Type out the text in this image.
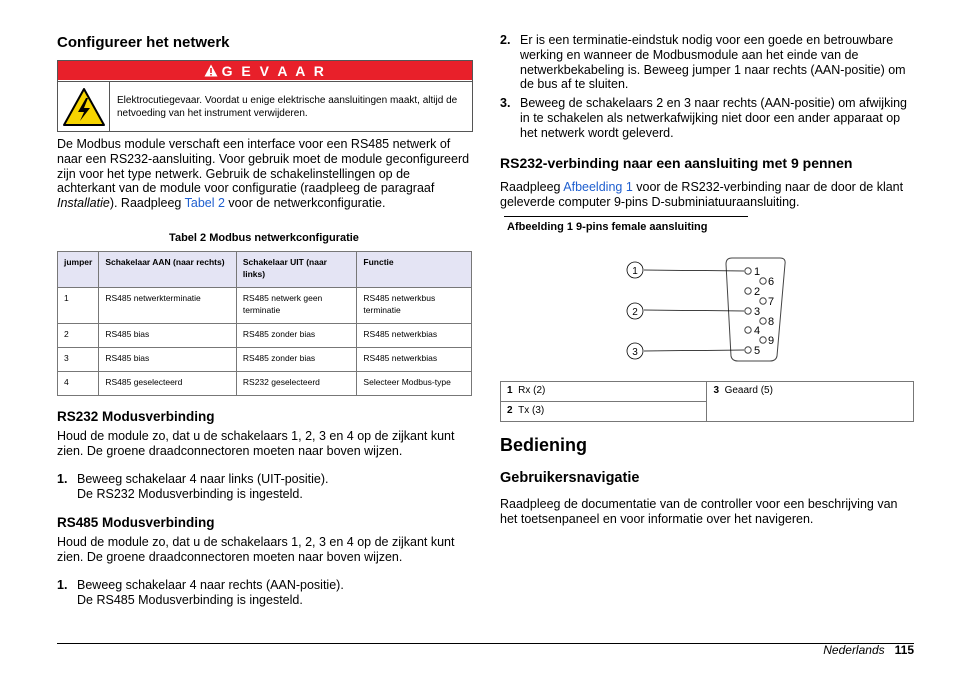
Configureer het netwerk
G E V A A R
Elektrocutiegevaar. Voordat u enige elektrische aansluitingen maakt, altijd de netvoeding van het instrument verwijderen.

De Modbus module verschaft een interface voor een RS485 netwerk of naar een RS232-aansluiting. Voor gebruik moet de module geconfigureerd zijn voor het type netwerk. Gebruik de schakelinstellingen op de achterkant van de module voor configuratie (raadpleeg de paragraaf Installatie). Raadpleeg Tabel 2 voor de netwerkconfiguratie.

Tabel 2 Modbus netwerkconfiguratie
jumper	Schakelaar AAN (naar rechts)	Schakelaar UIT (naar links)	Functie
1	RS485 netwerkterminatie	RS485 netwerk geen terminatie	RS485 netwerkbus terminatie
2	RS485 bias	RS485 zonder bias	RS485 netwerkbias
3	RS485 bias	RS485 zonder bias	RS485 netwerkbias
4	RS485 geselecteerd	RS232 geselecteerd	Selecteer Modbus-type
RS232 Modusverbinding

Houd de module zo, dat u de schakelaars 1, 2, 3 en 4 op de zijkant kunt zien. De groene draadconnectoren moeten naar boven wijzen.

1. Beweeg schakelaar 4 naar links (UIT-positie).
De RS232 Modusverbinding is ingesteld.
RS485 Modusverbinding

Houd de module zo, dat u de schakelaars 1, 2, 3 en 4 op de zijkant kunt zien. De groene draadconnectoren moeten naar boven wijzen.

1. Beweeg schakelaar 4 naar rechts (AAN-positie).
De RS485 Modusverbinding is ingesteld.
2. Er is een terminatie-eindstuk nodig voor een goede en betrouwbare werking en wanneer de Modbusmodule aan het einde van de netwerkbekabeling is. Beweeg jumper 1 naar rechts (AAN-positie) om de bus af te sluiten.
3. Beweeg de schakelaars 2 en 3 naar rechts (AAN-positie) om afwijking in te schakelen als netwerkafwijking niet door een ander apparaat op het netwerk wordt geleverd.
RS232-verbinding naar een aansluiting met 9 pennen

Raadpleeg Afbeelding 1 voor de RS232-verbinding naar de door de klant geleverde computer 9-pins D-subminiatuuraansluiting.

Afbeelding 1 9-pins female aansluiting
1
2
3
4
5
6
7
8
9
1
2
3
1 Rx (2)	3 Geaard (5)
2 Tx (3)
Bediening
Gebruikersnavigatie

Raadpleeg de documentatie van de controller voor een beschrijving van het toetsenpaneel en voor informatie over het navigeren.

Nederlands 115
